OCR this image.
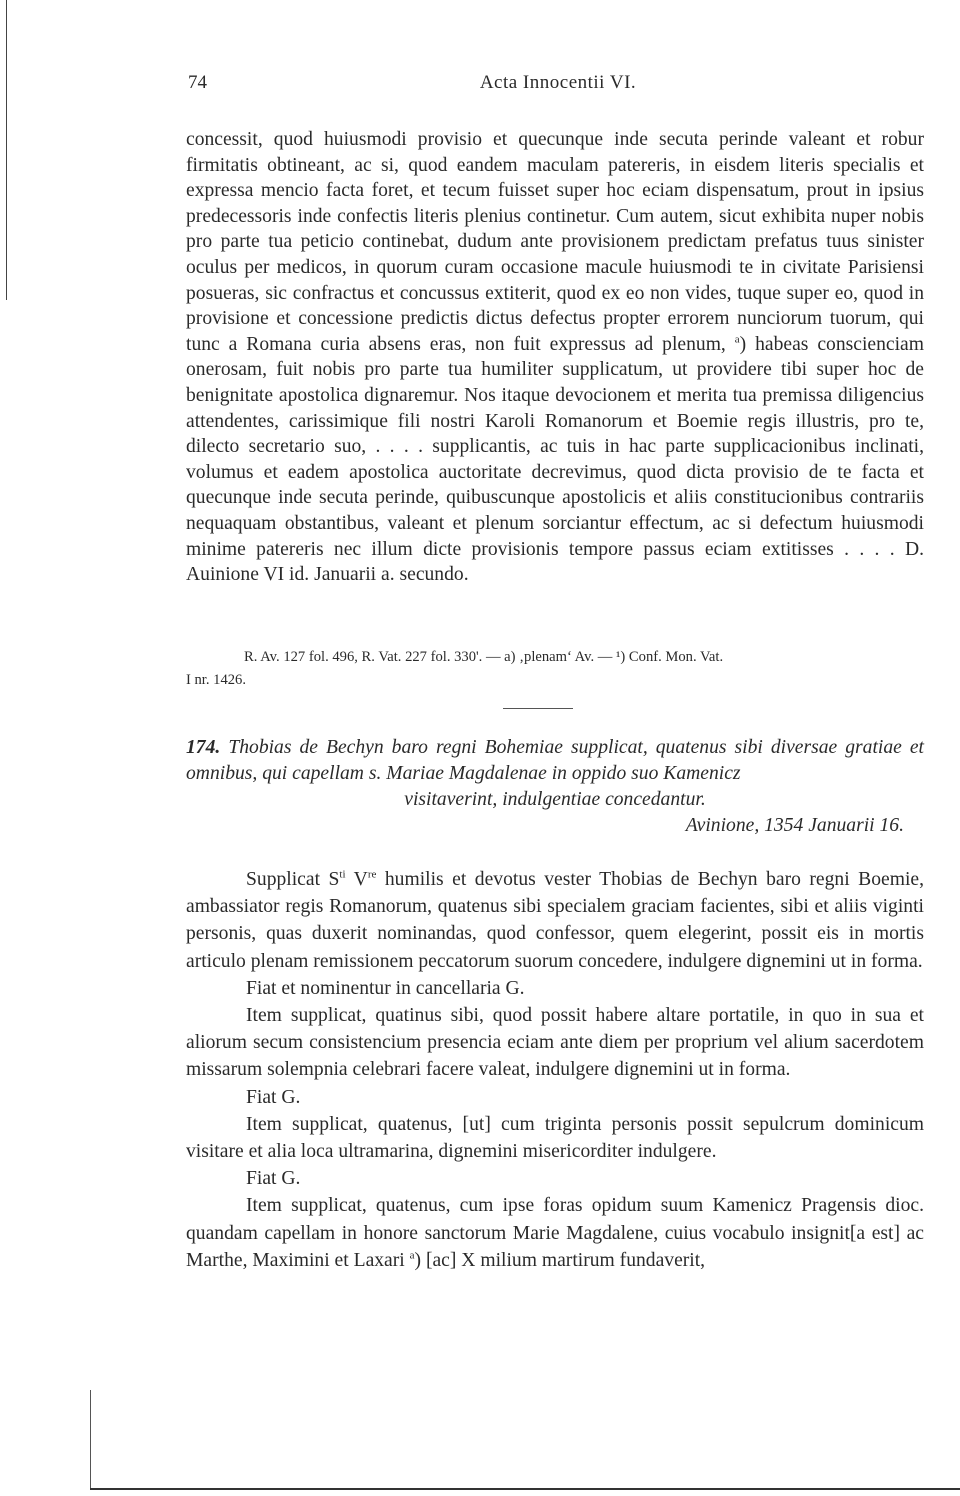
74	Acta Innocentii VI.

concessit, quod huiusmodi provisio et quecunque inde secuta perinde valeant et robur firmitatis obtineant, ac si, quod eandem maculam patereris, in eisdem literis specialis et expressa mencio facta foret, et tecum fuisset super hoc eciam dispensatum, prout in ipsius predecessoris inde confectis literis plenius continetur. Cum autem, sicut exhibita nuper nobis pro parte tua peticio continebat, dudum ante provisionem predictam prefatus tuus sinister oculus per medicos, in quorum curam occasione macule huiusmodi te in civitate Parisiensi posueras, sic confractus et concussus extiterit, quod ex eo non vides, tuque super eo, quod in provisione et concessione predictis dictus defectus propter errorem nunciorum tuorum, qui tunc a Romana curia absens eras, non fuit expressus ad plenum, $^a$) habeas conscienciam onerosam, fuit nobis pro parte tua humiliter supplicatum, ut providere tibi super hoc de benignitate apostolica dignaremur. Nos itaque devocionem et merita tua premissa diligencius attendentes, carissimique fili nostri Karoli Romanorum et Boemie regis illustris, pro te, dilecto secretario suo, . . . . supplicantis, ac tuis in hac parte supplicacionibus inclinati, volumus et eadem apostolica auctoritate decrevimus, quod dicta provisio de te facta et quecunque inde secuta perinde, quibuscunque apostolicis et aliis constitucionibus contrariis nequaquam obstantibus, valeant et plenum sorciantur effectum, ac si defectum huiusmodi minime patereris nec illum dicte provisionis tempore passus eciam extitisses . . . . D. Auinione VI id. Januarii a. secundo.

R. Av. 127 fol. 496, R. Vat. 227 fol. 330'. — a) ‚plenam‘ Av. — ¹) Conf. Mon. Vat.

I nr. 1426.

174. Thobias de Bechyn baro regni Bohemiae supplicat, quatenus sibi diversae gratiae et omnibus, qui capellam s. Mariae Magdalenae in oppido suo Kamenicz
visitaverint, indulgentiae concedantur.
Avinione, 1354 Januarii 16.

Supplicat $S^{ti}$ Vre humilis et devotus vester Thobias de Bechyn baro regni Boemie, ambassiator regis Romanorum, quatenus sibi specialem graciam facientes, sibi et aliis viginti personis, quas duxerit nominandas, quod confessor, quem elegerint, possit eis in mortis articulo plenam remissionem peccatorum suorum concedere, indulgere dignemini ut in forma.

Fiat et nominentur in cancellaria G.

Item supplicat, quatinus sibi, quod possit habere altare portatile, in quo in sua et aliorum secum consistencium presencia eciam ante diem per proprium vel alium sacerdotem missarum solempnia celebrari facere valeat, indulgere dignemini ut in forma.

Fiat G.

Item supplicat, quatenus, [ut] cum triginta personis possit sepulcrum dominicum visitare et alia loca ultramarina, dignemini misericorditer indulgere.

Fiat G.

Item supplicat, quatenus, cum ipse foras opidum suum Kamenicz Pragensis dioc. quandam capellam in honore sanctorum Marie Magdalene, cuius vocabulo insignit[a est] ac Marthe, Maximini et Laxari $^a$) [ac] X milium martirum fundaverit,
